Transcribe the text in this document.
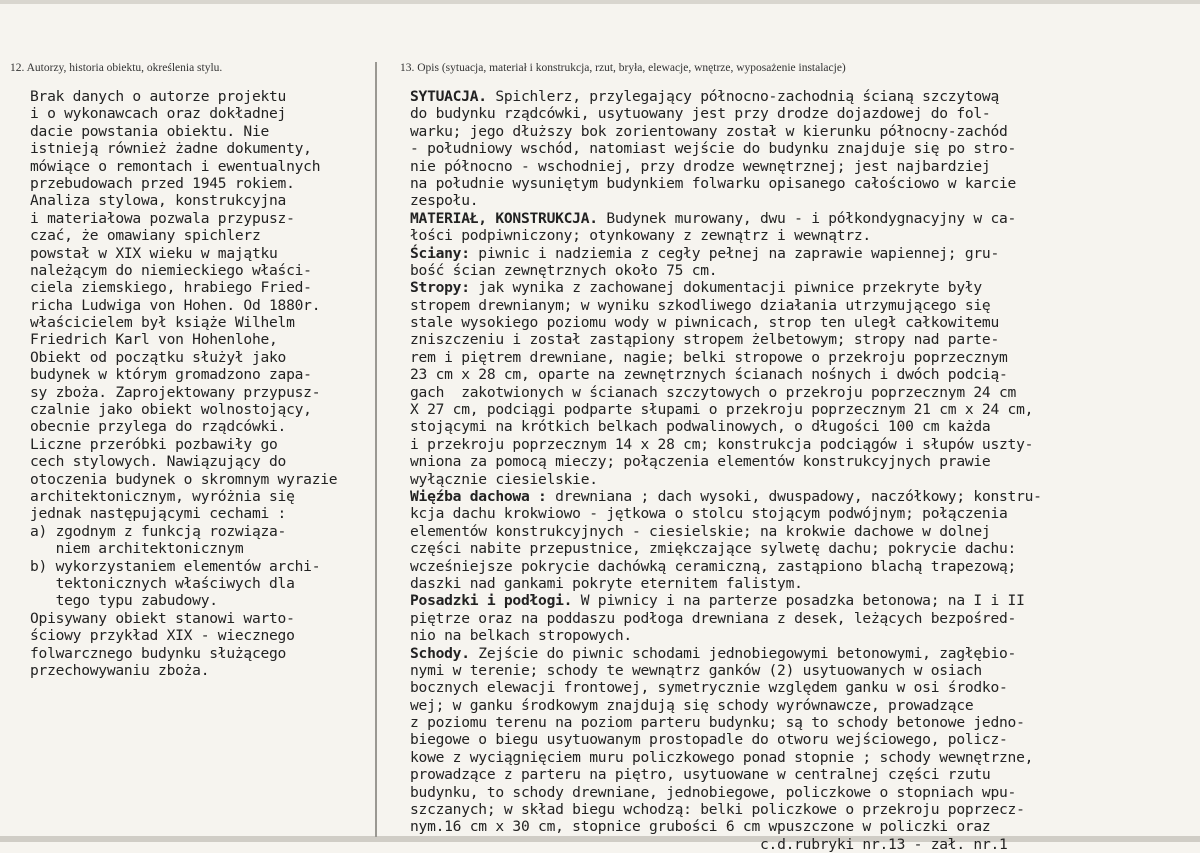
12. Autorzy, historia obiektu, określenia stylu.	13. Opis (sytuacja, materiał i konstrukcja, rzut, bryła, elewacje, wnętrze, wyposażenie instalacje)
Brak danych o autorze projektu
i o wykonawcach oraz dokładnej
dacie powstania obiektu. Nie
istnieją również żadne dokumenty,
mówiące o remontach i ewentualnych
przebudowach przed 1945 rokiem.
Analiza stylowa, konstrukcyjna
i materiałowa pozwala przypusz-
czać, że omawiany spichlerz
powstał w XIX wieku w majątku
należącym do niemieckiego właści-
ciela ziemskiego, hrabiego Fried-
richa Ludwiga von Hohen. Od 1880r.
właścicielem był książe Wilhelm
Friedrich Karl von Hohenlohe,
Obiekt od początku służył jako
budynek w którym gromadzono zapa-
sy zboża. Zaprojektowany przypusz-
czalnie jako obiekt wolnostojący,
obecnie przylega do rządcówki.
Liczne przeróbki pozbawiły go
cech stylowych. Nawiązujący do
otoczenia budynek o skromnym wyrazie
architektonicznym, wyróżnia się
jednak następującymi cechami :
a) zgodnym z funkcją rozwiąza-
niem architektonicznym
b) wykorzystaniem elementów archi-
tektonicznych właściwych dla
tego typu zabudowy.
Opisywany obiekt stanowi warto-
ściowy przykład XIX - wiecznego
folwarcznego budynku służącego
przechowywaniu zboża.
SYTUACJA. Spichlerz, przylegający północno-zachodnią ścianą szczytową
do budynku rządcówki, usytuowany jest przy drodze dojazdowej do fol-
warku; jego dłuższy bok zorientowany został w kierunku północny-zachód
- południowy wschód, natomiast wejście do budynku znajduje się po stro-
nie północno - wschodniej, przy drodze wewnętrznej; jest najbardziej
na południe wysuniętym budynkiem folwarku opisanego całościowo w karcie
zespołu.
MATERIAŁ, KONSTRUKCJA. Budynek murowany, dwu - i półkondygnacyjny w ca-
łości podpiwniczony; otynkowany z zewnątrz i wewnątrz.
Ściany: piwnic i nadziemia z cegły pełnej na zaprawie wapiennej; gru-
bość ścian zewnętrznych około 75 cm.
Stropy: jak wynika z zachowanej dokumentacji piwnice przekryte były
stropem drewnianym; w wyniku szkodliwego działania utrzymującego się
stale wysokiego poziomu wody w piwnicach, strop ten uległ całkowitemu
zniszczeniu i został zastąpiony stropem żelbetowym; stropy nad parte-
rem i piętrem drewniane, nagie; belki stropowe o przekroju poprzecznym
23 cm x 28 cm, oparte na zewnętrznych ścianach nośnych i dwóch podcią-
gach  zakotwionych w ścianach szczytowych o przekroju poprzecznym 24 cm
X 27 cm, podciągi podparte słupami o przekroju poprzecznym 21 cm x 24 cm,
stojącymi na krótkich belkach podwalinowych, o długości 100 cm każda
i przekroju poprzecznym 14 x 28 cm; konstrukcja podciągów i słupów uszty-
wniona za pomocą mieczy; połączenia elementów konstrukcyjnych prawie
wyłącznie ciesielskie.
Więźba dachowa : drewniana ; dach wysoki, dwuspadowy, naczółkowy; konstru-
kcja dachu krokwiowo - jętkowa o stolcu stojącym podwójnym; połączenia
elementów konstrukcyjnych - ciesielskie; na krokwie dachowe w dolnej
części nabite przepustnice, zmiękczające sylwetę dachu; pokrycie dachu:
wcześniejsze pokrycie dachówką ceramiczną, zastąpiono blachą trapezową;
daszki nad gankami pokryte eternitem falistym.
Posadzki i podłogi. W piwnicy i na parterze posadzka betonowa; na I i II
piętrze oraz na poddaszu podłoga drewniana z desek, leżących bezpośred-
nio na belkach stropowych.
Schody. Zejście do piwnic schodami jednobiegowymi betonowymi, zagłębio-
nymi w terenie; schody te wewnątrz ganków (2) usytuowanych w osiach
bocznych elewacji frontowej, symetrycznie względem ganku w osi środko-
wej; w ganku środkowym znajdują się schody wyrównawcze, prowadzące
z poziomu terenu na poziom parteru budynku; są to schody betonowe jedno-
biegowe o biegu usytuowanym prostopadle do otworu wejściowego, policz-
kowe z wyciągnięciem muru policzkowego ponad stopnie ; schody wewnętrzne,
prowadzące z parteru na piętro, usytuowane w centralnej części rzutu
budynku, to schody drewniane, jednobiegowe, policzkowe o stopniach wpu-
szczanych; w skład biegu wchodzą: belki policzkowe o przekroju poprzecz-
nym.16 cm x 30 cm, stopnice grubości 6 cm wpuszczone w policzki oraz
c.d.rubryki nr.13 - zał. nr.1
